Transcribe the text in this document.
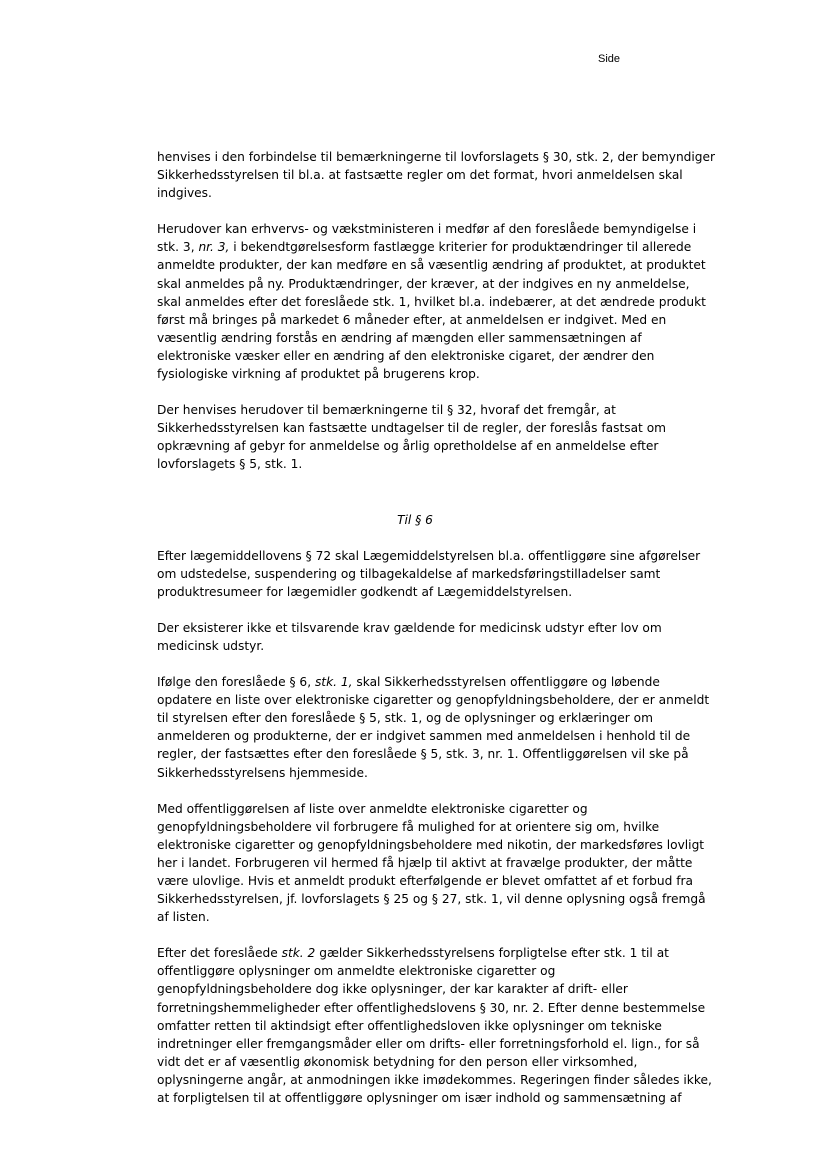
Side

henvises i den forbindelse til bemærkningerne til lovforslagets § 30, stk. 2, der bemyndiger
Sikkerhedsstyrelsen til bl.a. at fastsætte regler om det format, hvori anmeldelsen skal
indgives.

Herudover kan erhvervs- og vækstministeren i medfør af den foreslåede bemyndigelse i
stk. 3, nr. 3, i bekendtgørelsesform fastlægge kriterier for produktændringer til allerede
anmeldte produkter, der kan medføre en så væsentlig ændring af produktet, at produktet
skal anmeldes på ny. Produktændringer, der kræver, at der indgives en ny anmeldelse,
skal anmeldes efter det foreslåede stk. 1, hvilket bl.a. indebærer, at det ændrede produkt
først må bringes på markedet 6 måneder efter, at anmeldelsen er indgivet. Med en
væsentlig ændring forstås en ændring af mængden eller sammensætningen af
elektroniske væsker eller en ændring af den elektroniske cigaret, der ændrer den
fysiologiske virkning af produktet på brugerens krop.

Der henvises herudover til bemærkningerne til § 32, hvoraf det fremgår, at
Sikkerhedsstyrelsen kan fastsætte undtagelser til de regler, der foreslås fastsat om
opkrævning af gebyr for anmeldelse og årlig opretholdelse af en anmeldelse efter
lovforslagets § 5, stk. 1.

Til § 6

Efter lægemiddellovens § 72 skal Lægemiddelstyrelsen bl.a. offentliggøre sine afgørelser
om udstedelse, suspendering og tilbagekaldelse af markedsføringstilladelser samt
produktresumeer for lægemidler godkendt af Lægemiddelstyrelsen.

Der eksisterer ikke et tilsvarende krav gældende for medicinsk udstyr efter lov om
medicinsk udstyr.

Ifølge den foreslåede § 6, stk. 1, skal Sikkerhedsstyrelsen offentliggøre og løbende
opdatere en liste over elektroniske cigaretter og genopfyldningsbeholdere, der er anmeldt
til styrelsen efter den foreslåede § 5, stk. 1, og de oplysninger og erklæringer om
anmelderen og produkterne, der er indgivet sammen med anmeldelsen i henhold til de
regler, der fastsættes efter den foreslåede § 5, stk. 3, nr. 1. Offentliggørelsen vil ske på
Sikkerhedsstyrelsens hjemmeside.

Med offentliggørelsen af liste over anmeldte elektroniske cigaretter og
genopfyldningsbeholdere vil forbrugere få mulighed for at orientere sig om, hvilke
elektroniske cigaretter og genopfyldningsbeholdere med nikotin, der markedsføres lovligt
her i landet. Forbrugeren vil hermed få hjælp til aktivt at fravælge produkter, der måtte
være ulovlige. Hvis et anmeldt produkt efterfølgende er blevet omfattet af et forbud fra
Sikkerhedsstyrelsen, jf. lovforslagets § 25 og § 27, stk. 1, vil denne oplysning også fremgå
af listen.

Efter det foreslåede stk. 2 gælder Sikkerhedsstyrelsens forpligtelse efter stk. 1 til at
offentliggøre oplysninger om anmeldte elektroniske cigaretter og
genopfyldningsbeholdere dog ikke oplysninger, der kar karakter af drift- eller
forretningshemmeligheder efter offentlighedslovens § 30, nr. 2. Efter denne bestemmelse
omfatter retten til aktindsigt efter offentlighedsloven ikke oplysninger om tekniske
indretninger eller fremgangsmåder eller om drifts- eller forretningsforhold el. lign., for så
vidt det er af væsentlig økonomisk betydning for den person eller virksomhed,
oplysningerne angår, at anmodningen ikke imødekommes. Regeringen finder således ikke,
at forpligtelsen til at offentliggøre oplysninger om især indhold og sammensætning af
